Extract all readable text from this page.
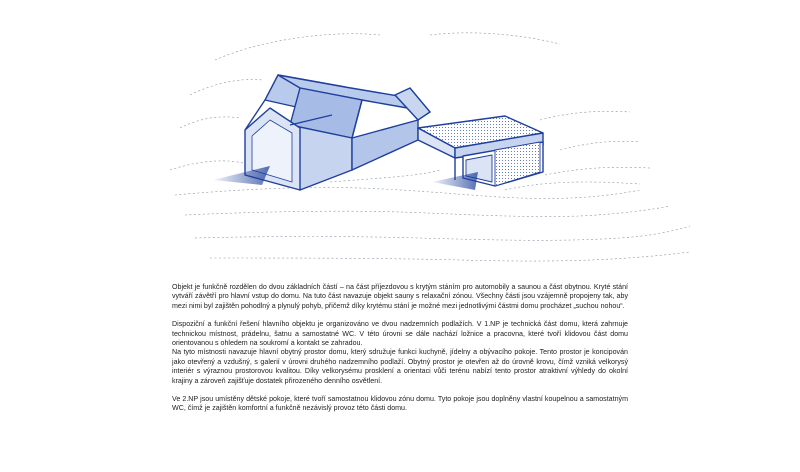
Objekt je funkčně rozdělen do dvou základních částí – na část příjezdovou s krytým stáním pro automobily a saunou a část obytnou. Kryté stání vytváří závětří pro hlavní vstup do domu. Na tuto část navazuje objekt sauny s relaxační zónou. Všechny části jsou vzájemně propojeny tak, aby mezi nimi byl zajištěn pohodlný a plynulý pohyb, přičemž díky krytému stání je možné mezi jednotlivými částmi domu procházet „suchou nohou“.

Dispoziční a funkční řešení hlavního objektu je organizováno ve dvou nadzemních podlažích. V 1.NP je technická část domu, která zahrnuje technickou místnost, prádelnu, šatnu a samostatné WC. V této úrovni se dále nachází ložnice a pracovna, které tvoří klidovou část domu orientovanou s ohledem na soukromí a kontakt se zahradou.
Na tyto místnosti navazuje hlavní obytný prostor domu, který sdružuje funkci kuchyně, jídelny a obývacího pokoje. Tento prostor je koncipován jako otevřený a vzdušný, s galerií v úrovni druhého nadzemního podlaží. Obytný prostor je otevřen až do úrovně krovu, čímž vzniká velkorysý interiér s výraznou prostorovou kvalitou. Díky velkorysému prosklení a orientaci vůči terénu nabízí tento prostor atraktivní výhledy do okolní krajiny a zároveň zajišťuje dostatek přirozeného denního osvětlení.

Ve 2.NP jsou umístěny dětské pokoje, které tvoří samostatnou klidovou zónu domu. Tyto pokoje jsou doplněny vlastní koupelnou a samostatným WC, čímž je zajištěn komfortní a funkčně nezávislý provoz této části domu.
